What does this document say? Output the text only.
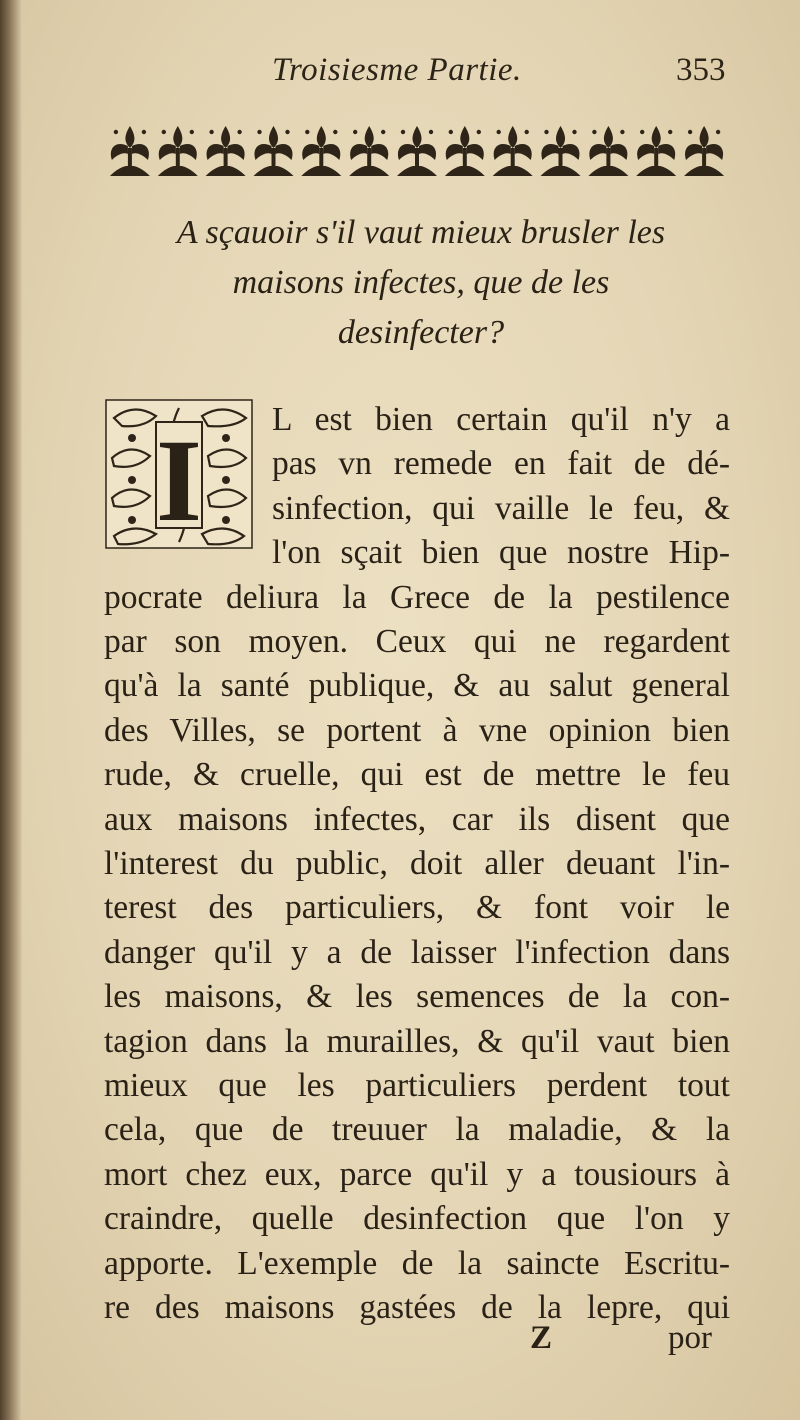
Troisiesme Partie.	353
A sçauoir s'il vaut mieux brusler les
maisons infectes, que de les
desinfecter?
I L est bien certain qu'il n'y a
pas vn remede en fait de dé-
sinfection, qui vaille le feu, &
l'on sçait bien que nostre Hip-
pocrate deliura la Grece de la pestilence
par son moyen. Ceux qui ne regardent
qu'à la santé publique, & au salut general
des Villes, se portent à vne opinion bien
rude, & cruelle, qui est de mettre le feu
aux maisons infectes, car ils disent que
l'interest du public, doit aller deuant l'in-
terest des particuliers, & font voir le
danger qu'il y a de laisser l'infection dans
les maisons, & les semences de la con-
tagion dans la murailles, & qu'il vaut bien
mieux que les particuliers perdent tout
cela, que de treuuer la maladie, & la
mort chez eux, parce qu'il y a tousiours à
craindre, quelle desinfection que l'on y
apporte. L'exemple de la saincte Escritu-
re des maisons gastées de la lepre, qui
Z	por
